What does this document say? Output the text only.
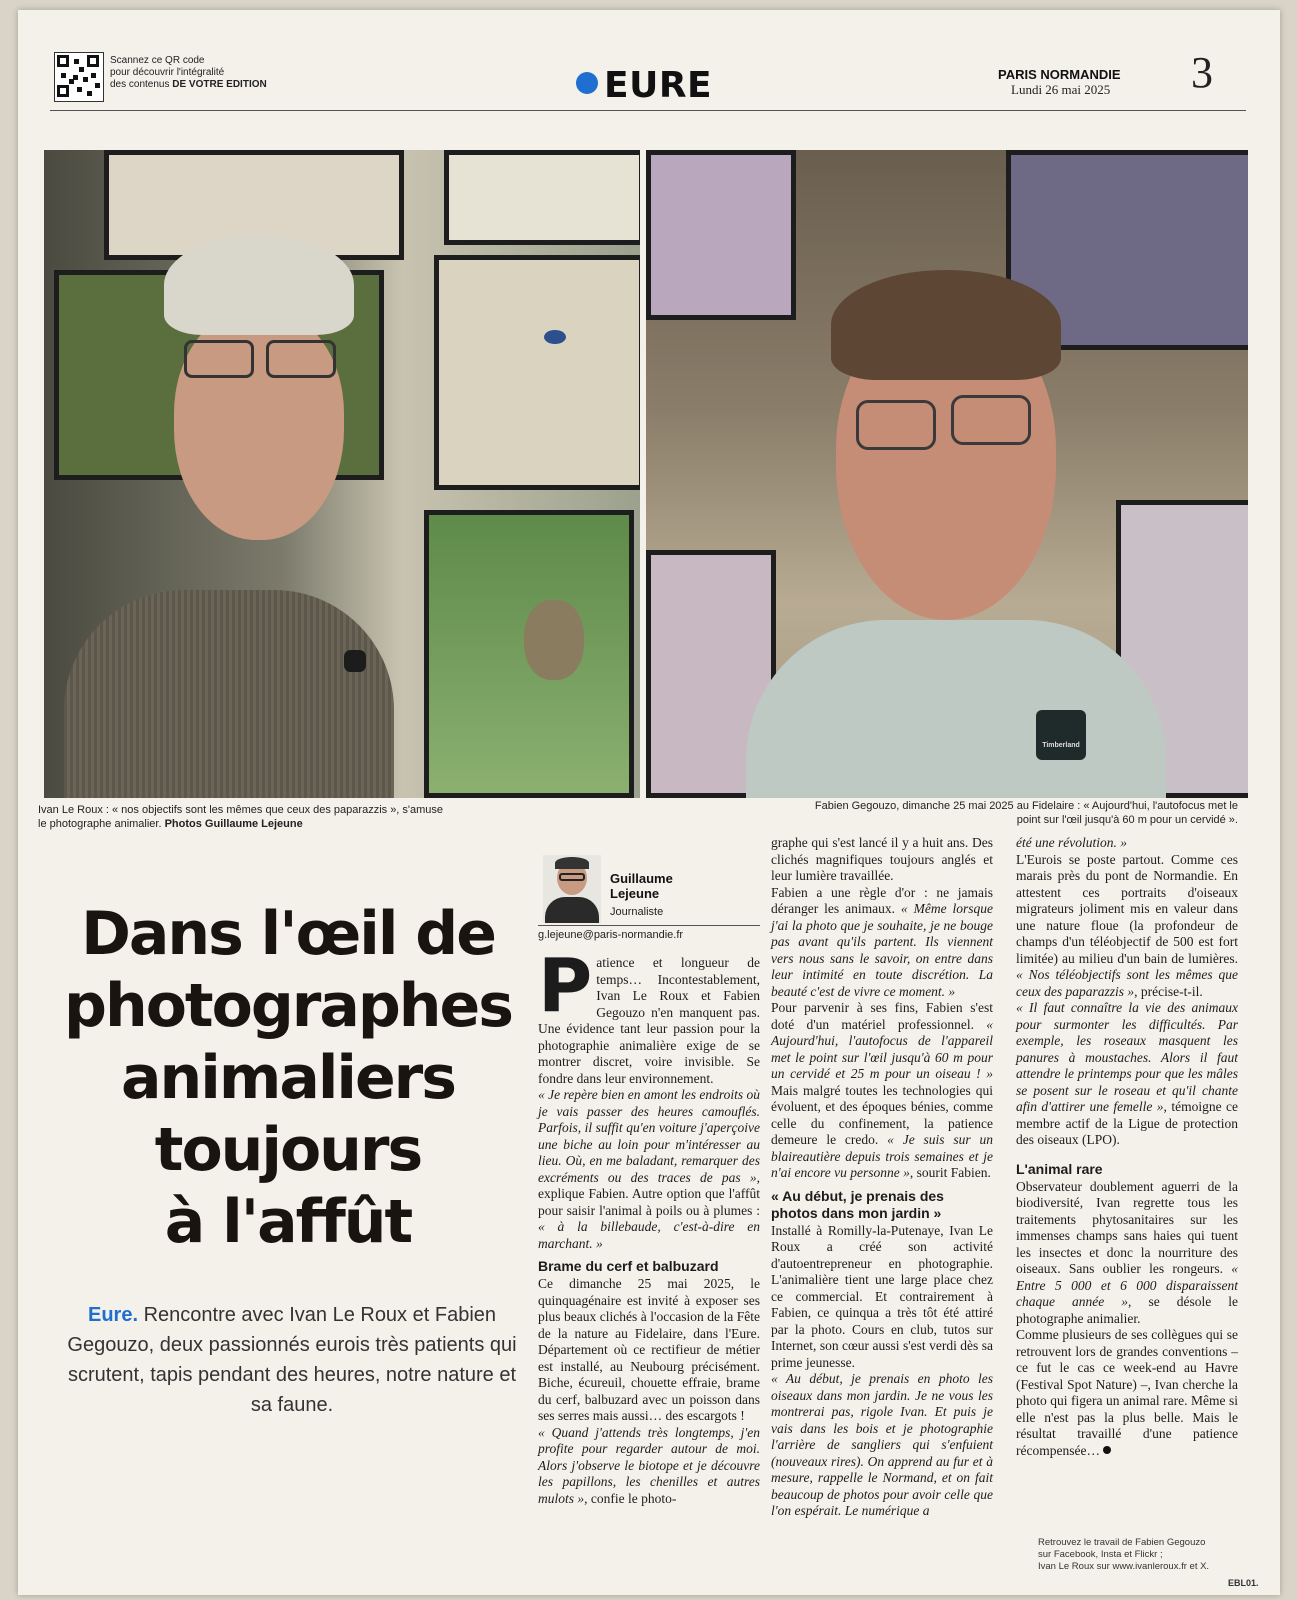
Scannez ce QR code
pour découvrir l'intégralité
des contenus DE VOTRE EDITION	EURE	PARIS NORMANDIE
Lundi 26 mai 2025 3
Timberland
Ivan Le Roux : « nos objectifs sont les mêmes que ceux des paparazzis », s'amuse le photographe animalier. Photos Guillaume Lejeune
Fabien Gegouzo, dimanche 25 mai 2025 au Fidelaire : « Aujourd'hui, l'autofocus met le point sur l'œil jusqu'à 60 m pour un cervidé ».
Guillaume
Lejeune
Journaliste
g.lejeune@paris-normandie.fr
Dans l'œil de
photographes
animaliers
toujours
à l'affût
Eure. Rencontre avec Ivan Le Roux et Fabien Gegouzo, deux passionnés eurois très patients qui scrutent, tapis pendant des heures, notre nature et sa faune.

Patience et longueur de temps… Incontestablement, Ivan Le Roux et Fabien Gegouzo n'en manquent pas. Une évidence tant leur passion pour la photographie animalière exige de se montrer discret, voire invisible. Se fondre dans leur environnement.

« Je repère bien en amont les endroits où je vais passer des heures camouflés. Parfois, il suffit qu'en voiture j'aperçoive une biche au loin pour m'intéresser au lieu. Où, en me baladant, remarquer des excréments ou des traces de pas », explique Fabien. Autre option que l'affût pour saisir l'animal à poils ou à plumes : « à la billebaude, c'est-à-dire en marchant. »

Brame du cerf et balbuzard

Ce dimanche 25 mai 2025, le quinquagénaire est invité à exposer ses plus beaux clichés à l'occasion de la Fête de la nature au Fidelaire, dans l'Eure. Département où ce rectifieur de métier est installé, au Neubourg précisément. Biche, écureuil, chouette effraie, brame du cerf, balbuzard avec un poisson dans ses serres mais aussi… des escargots !

« Quand j'attends très longtemps, j'en profite pour regarder autour de moi. Alors j'observe le biotope et je découvre les papillons, les chenilles et autres mulots », confie le photo-

graphe qui s'est lancé il y a huit ans. Des clichés magnifiques toujours anglés et leur lumière travaillée.

Fabien a une règle d'or : ne jamais déranger les animaux. « Même lorsque j'ai la photo que je souhaite, je ne bouge pas avant qu'ils partent. Ils viennent vers nous sans le savoir, on entre dans leur intimité en toute discrétion. La beauté c'est de vivre ce moment. »

Pour parvenir à ses fins, Fabien s'est doté d'un matériel professionnel. « Aujourd'hui, l'autofocus de l'appareil met le point sur l'œil jusqu'à 60 m pour un cervidé et 25 m pour un oiseau ! » Mais malgré toutes les technologies qui évoluent, et des époques bénies, comme celle du confinement, la patience demeure le credo. « Je suis sur un blaireautière depuis trois semaines et je n'ai encore vu personne », sourit Fabien.

« Au début, je prenais des photos dans mon jardin »

Installé à Romilly-la-Putenaye, Ivan Le Roux a créé son activité d'autoentrepreneur en photographie. L'animalière tient une large place chez ce commercial. Et contrairement à Fabien, ce quinqua a très tôt été attiré par la photo. Cours en club, tutos sur Internet, son cœur aussi s'est verdi dès sa prime jeunesse.

« Au début, je prenais en photo les oiseaux dans mon jardin. Je ne vous les montrerai pas, rigole Ivan. Et puis je vais dans les bois et je photographie l'arrière de sangliers qui s'enfuient (nouveaux rires). On apprend au fur et à mesure, rappelle le Normand, et on fait beaucoup de photos pour avoir celle que l'on espérait. Le numérique a

été une révolution. »

L'Eurois se poste partout. Comme ces marais près du pont de Normandie. En attestent ces portraits d'oiseaux migrateurs joliment mis en valeur dans une nature floue (la profondeur de champs d'un téléobjectif de 500 est fort limitée) au milieu d'un bain de lumières. « Nos téléobjectifs sont les mêmes que ceux des paparazzis », précise-t-il.

« Il faut connaître la vie des animaux pour surmonter les difficultés. Par exemple, les roseaux masquent les panures à moustaches. Alors il faut attendre le printemps pour que les mâles se posent sur le roseau et qu'il chante afin d'attirer une femelle », témoigne ce membre actif de la Ligue de protection des oiseaux (LPO).

L'animal rare

Observateur doublement aguerri de la biodiversité, Ivan regrette tous les traitements phytosanitaires sur les immenses champs sans haies qui tuent les insectes et donc la nourriture des oiseaux. Sans oublier les rongeurs. « Entre 5 000 et 6 000 disparaissent chaque année », se désole le photographe animalier.

Comme plusieurs de ses collègues qui se retrouvent lors de grandes conventions – ce fut le cas ce week-end au Havre (Festival Spot Nature) –, Ivan cherche la photo qui figera un animal rare. Même si elle n'est pas la plus belle. Mais le résultat travaillé d'une patience récompensée…

Retrouvez le travail de Fabien Gegouzo
sur Facebook, Insta et Flickr ;
Ivan Le Roux sur www.ivanleroux.fr et X.
EBL01.
